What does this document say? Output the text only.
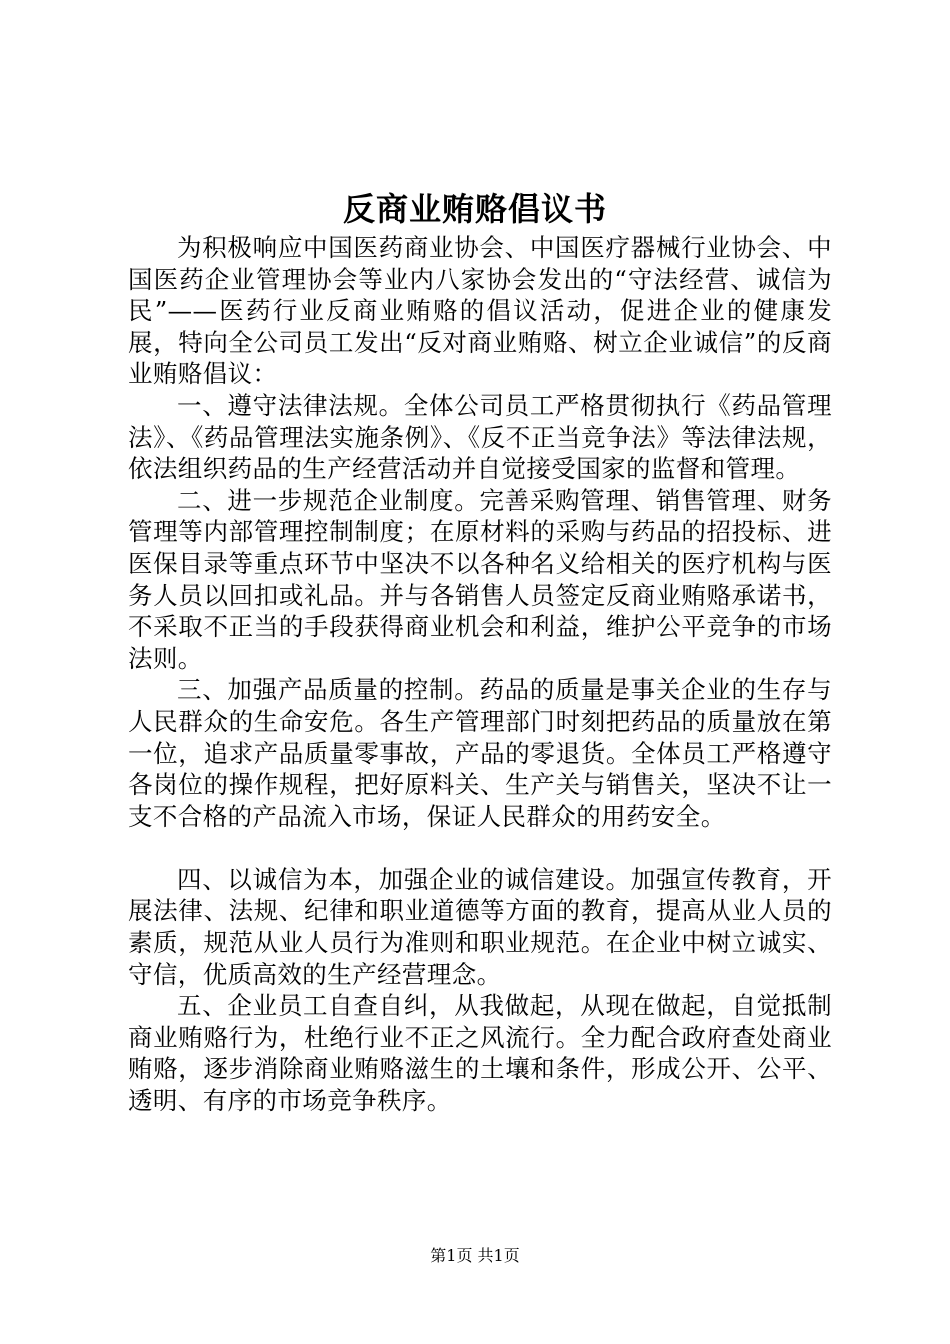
反商业贿赂倡议书

为积极响应中国医药商业协会、中国医疗器械行业协会、中国医药企业管理协会等业内八家协会发出的“守法经营、诚信为民”——医药行业反商业贿赂的倡议活动，促进企业的健康发展，特向全公司员工发出“反对商业贿赂、树立企业诚信”的反商业贿赂倡议：

一、遵守法律法规。全体公司员工严格贯彻执行《药品管理法》、《药品管理法实施条例》、《反不正当竞争法》等法律法规，依法组织药品的生产经营活动并自觉接受国家的监督和管理。

二、进一步规范企业制度。完善采购管理、销售管理、财务管理等内部管理控制制度；在原材料的采购与药品的招投标、进医保目录等重点环节中坚决不以各种名义给相关的医疗机构与医务人员以回扣或礼品。并与各销售人员签定反商业贿赂承诺书，不采取不正当的手段获得商业机会和利益，维护公平竞争的市场法则。

三、加强产品质量的控制。药品的质量是事关企业的生存与人民群众的生命安危。各生产管理部门时刻把药品的质量放在第一位，追求产品质量零事故，产品的零退货。全体员工严格遵守各岗位的操作规程，把好原料关、生产关与销售关，坚决不让一支不合格的产品流入市场，保证人民群众的用药安全。

四、以诚信为本，加强企业的诚信建设。加强宣传教育，开展法律、法规、纪律和职业道德等方面的教育，提高从业人员的素质，规范从业人员行为准则和职业规范。在企业中树立诚实、守信，优质高效的生产经营理念。

五、企业员工自查自纠，从我做起，从现在做起，自觉抵制商业贿赂行为，杜绝行业不正之风流行。全力配合政府查处商业贿赂，逐步消除商业贿赂滋生的土壤和条件，形成公开、公平、透明、有序的市场竞争秩序。

第1页 共1页
